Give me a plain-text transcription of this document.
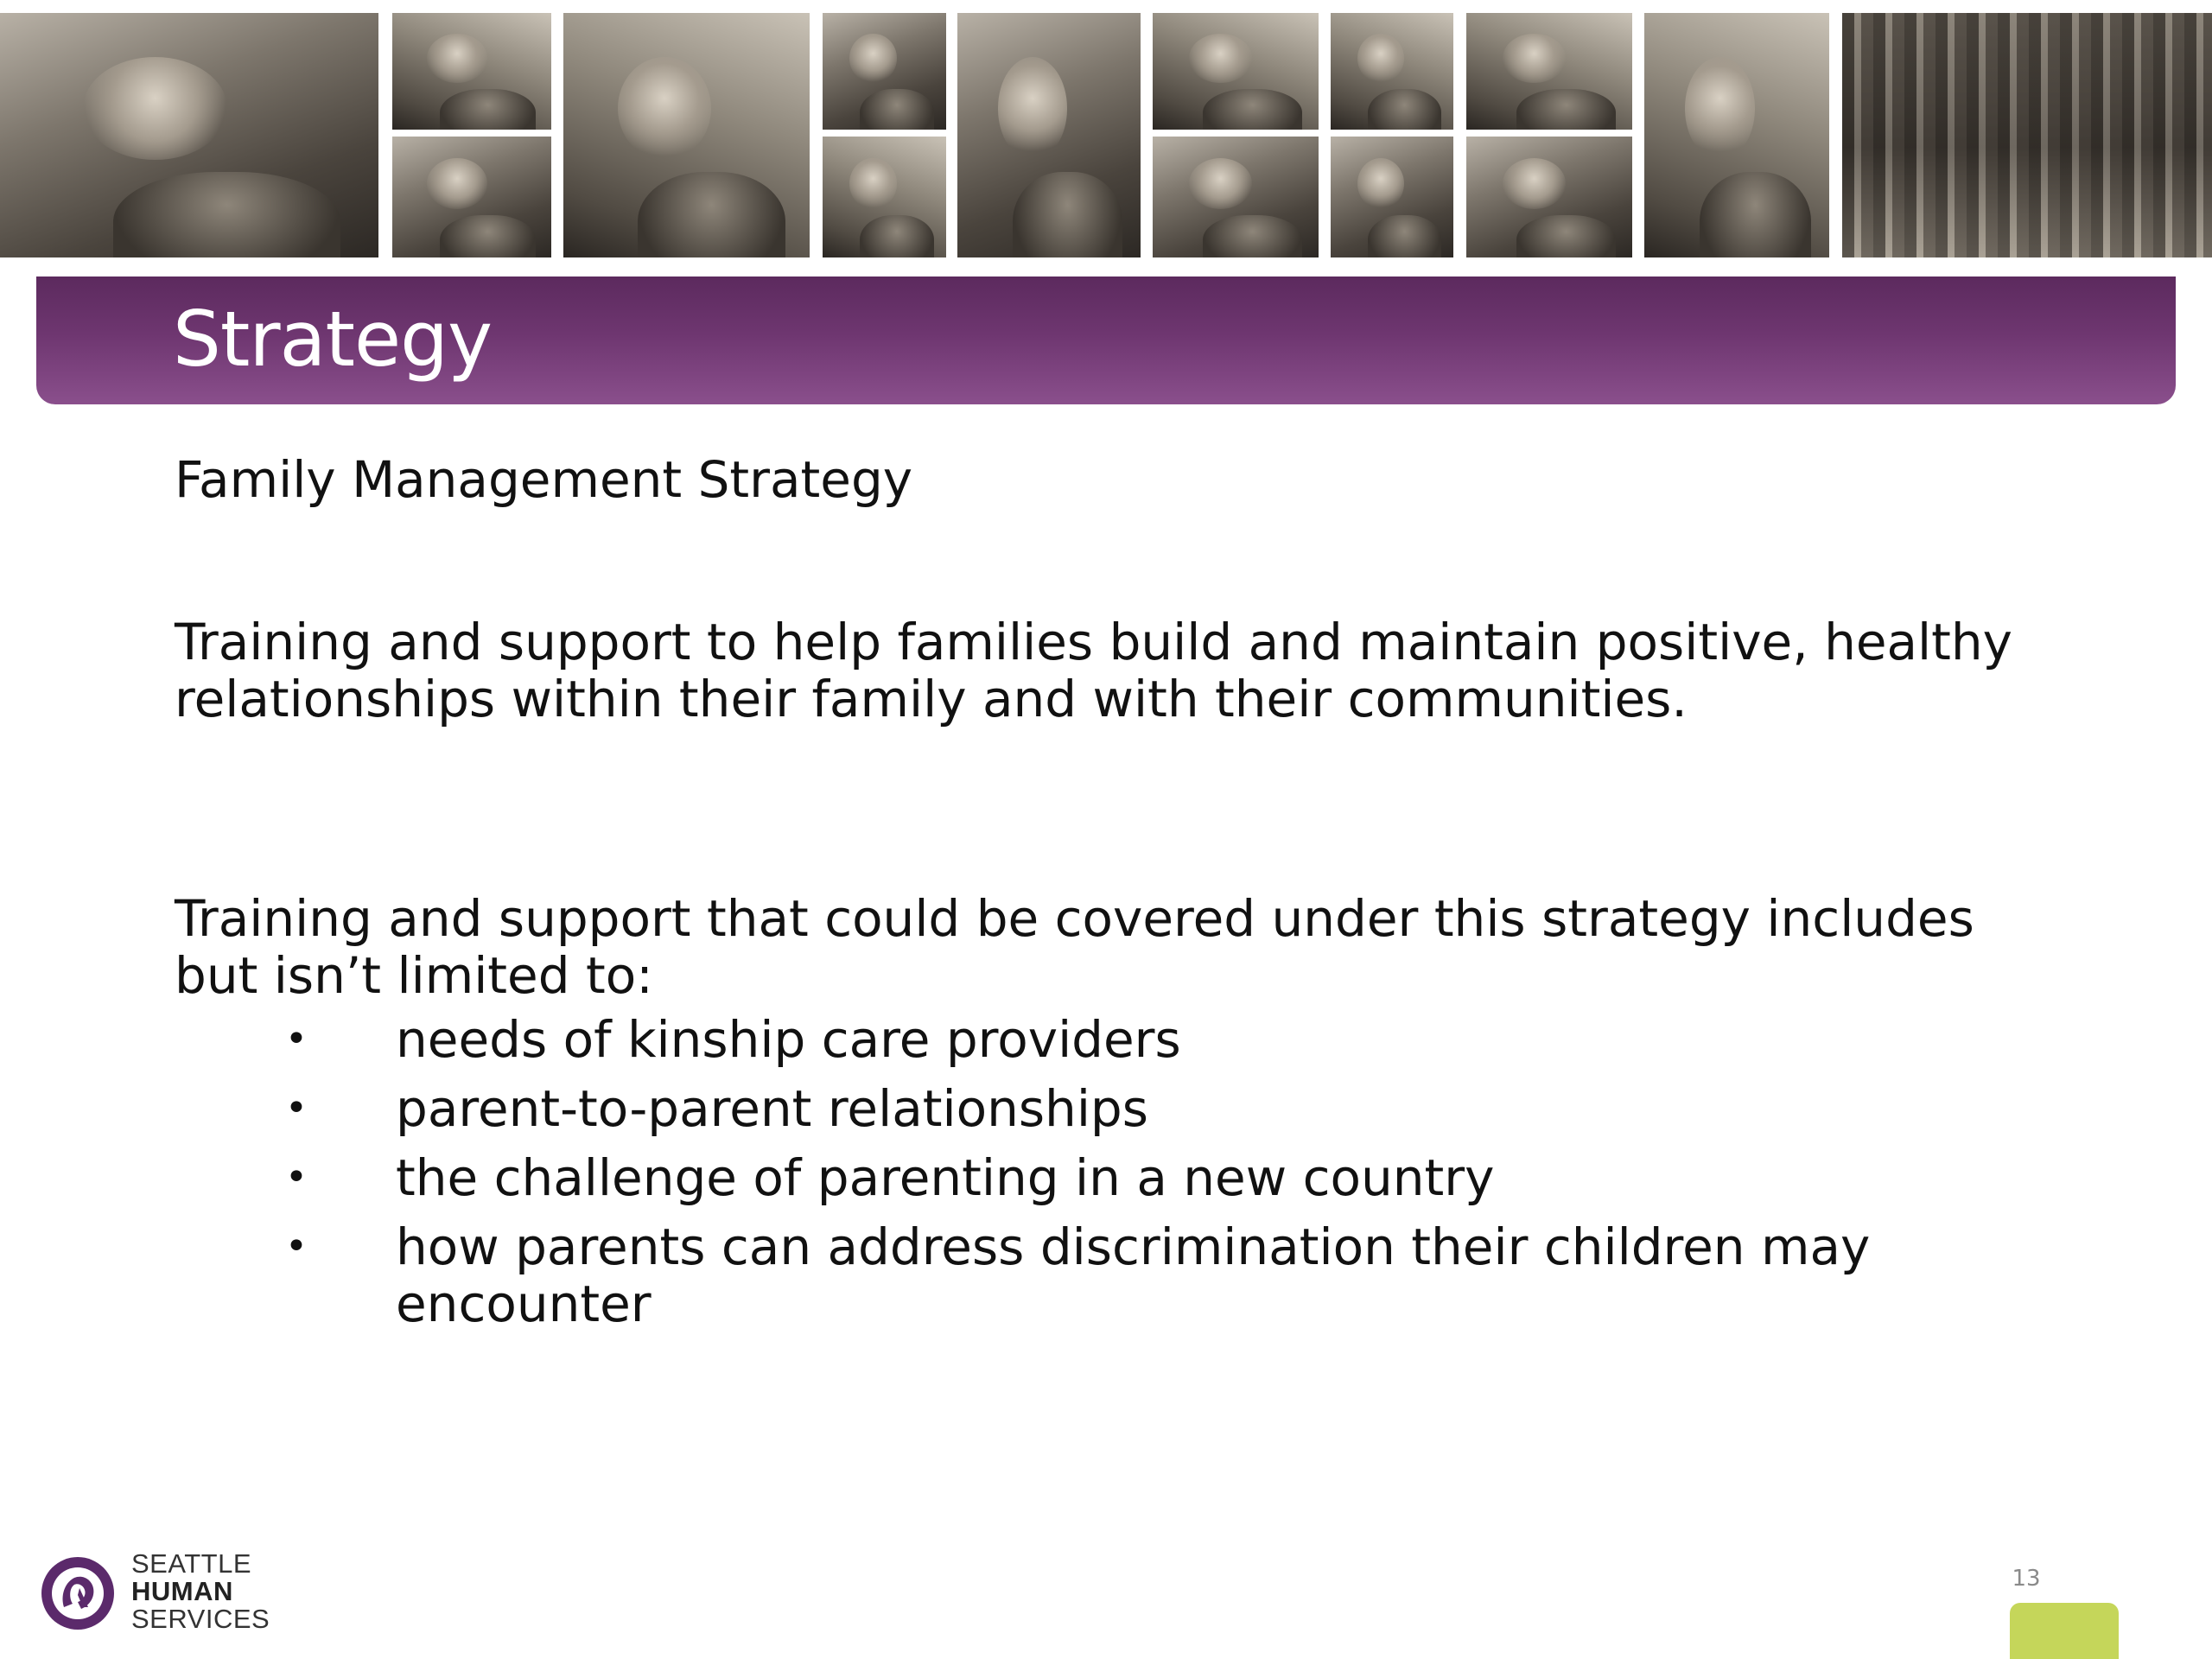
Strategy
Family Management Strategy

Training and support to help families build and maintain positive, healthy relationships within their family and with their communities.

Training and support that could be covered under this strategy includes but isn’t limited to:

• needs of kinship care providers
• parent-to-parent relationships
• the challenge of parenting in a new country
• how parents can address discrimination their children may encounter
SEATTLE
HUMAN
SERVICES
13
